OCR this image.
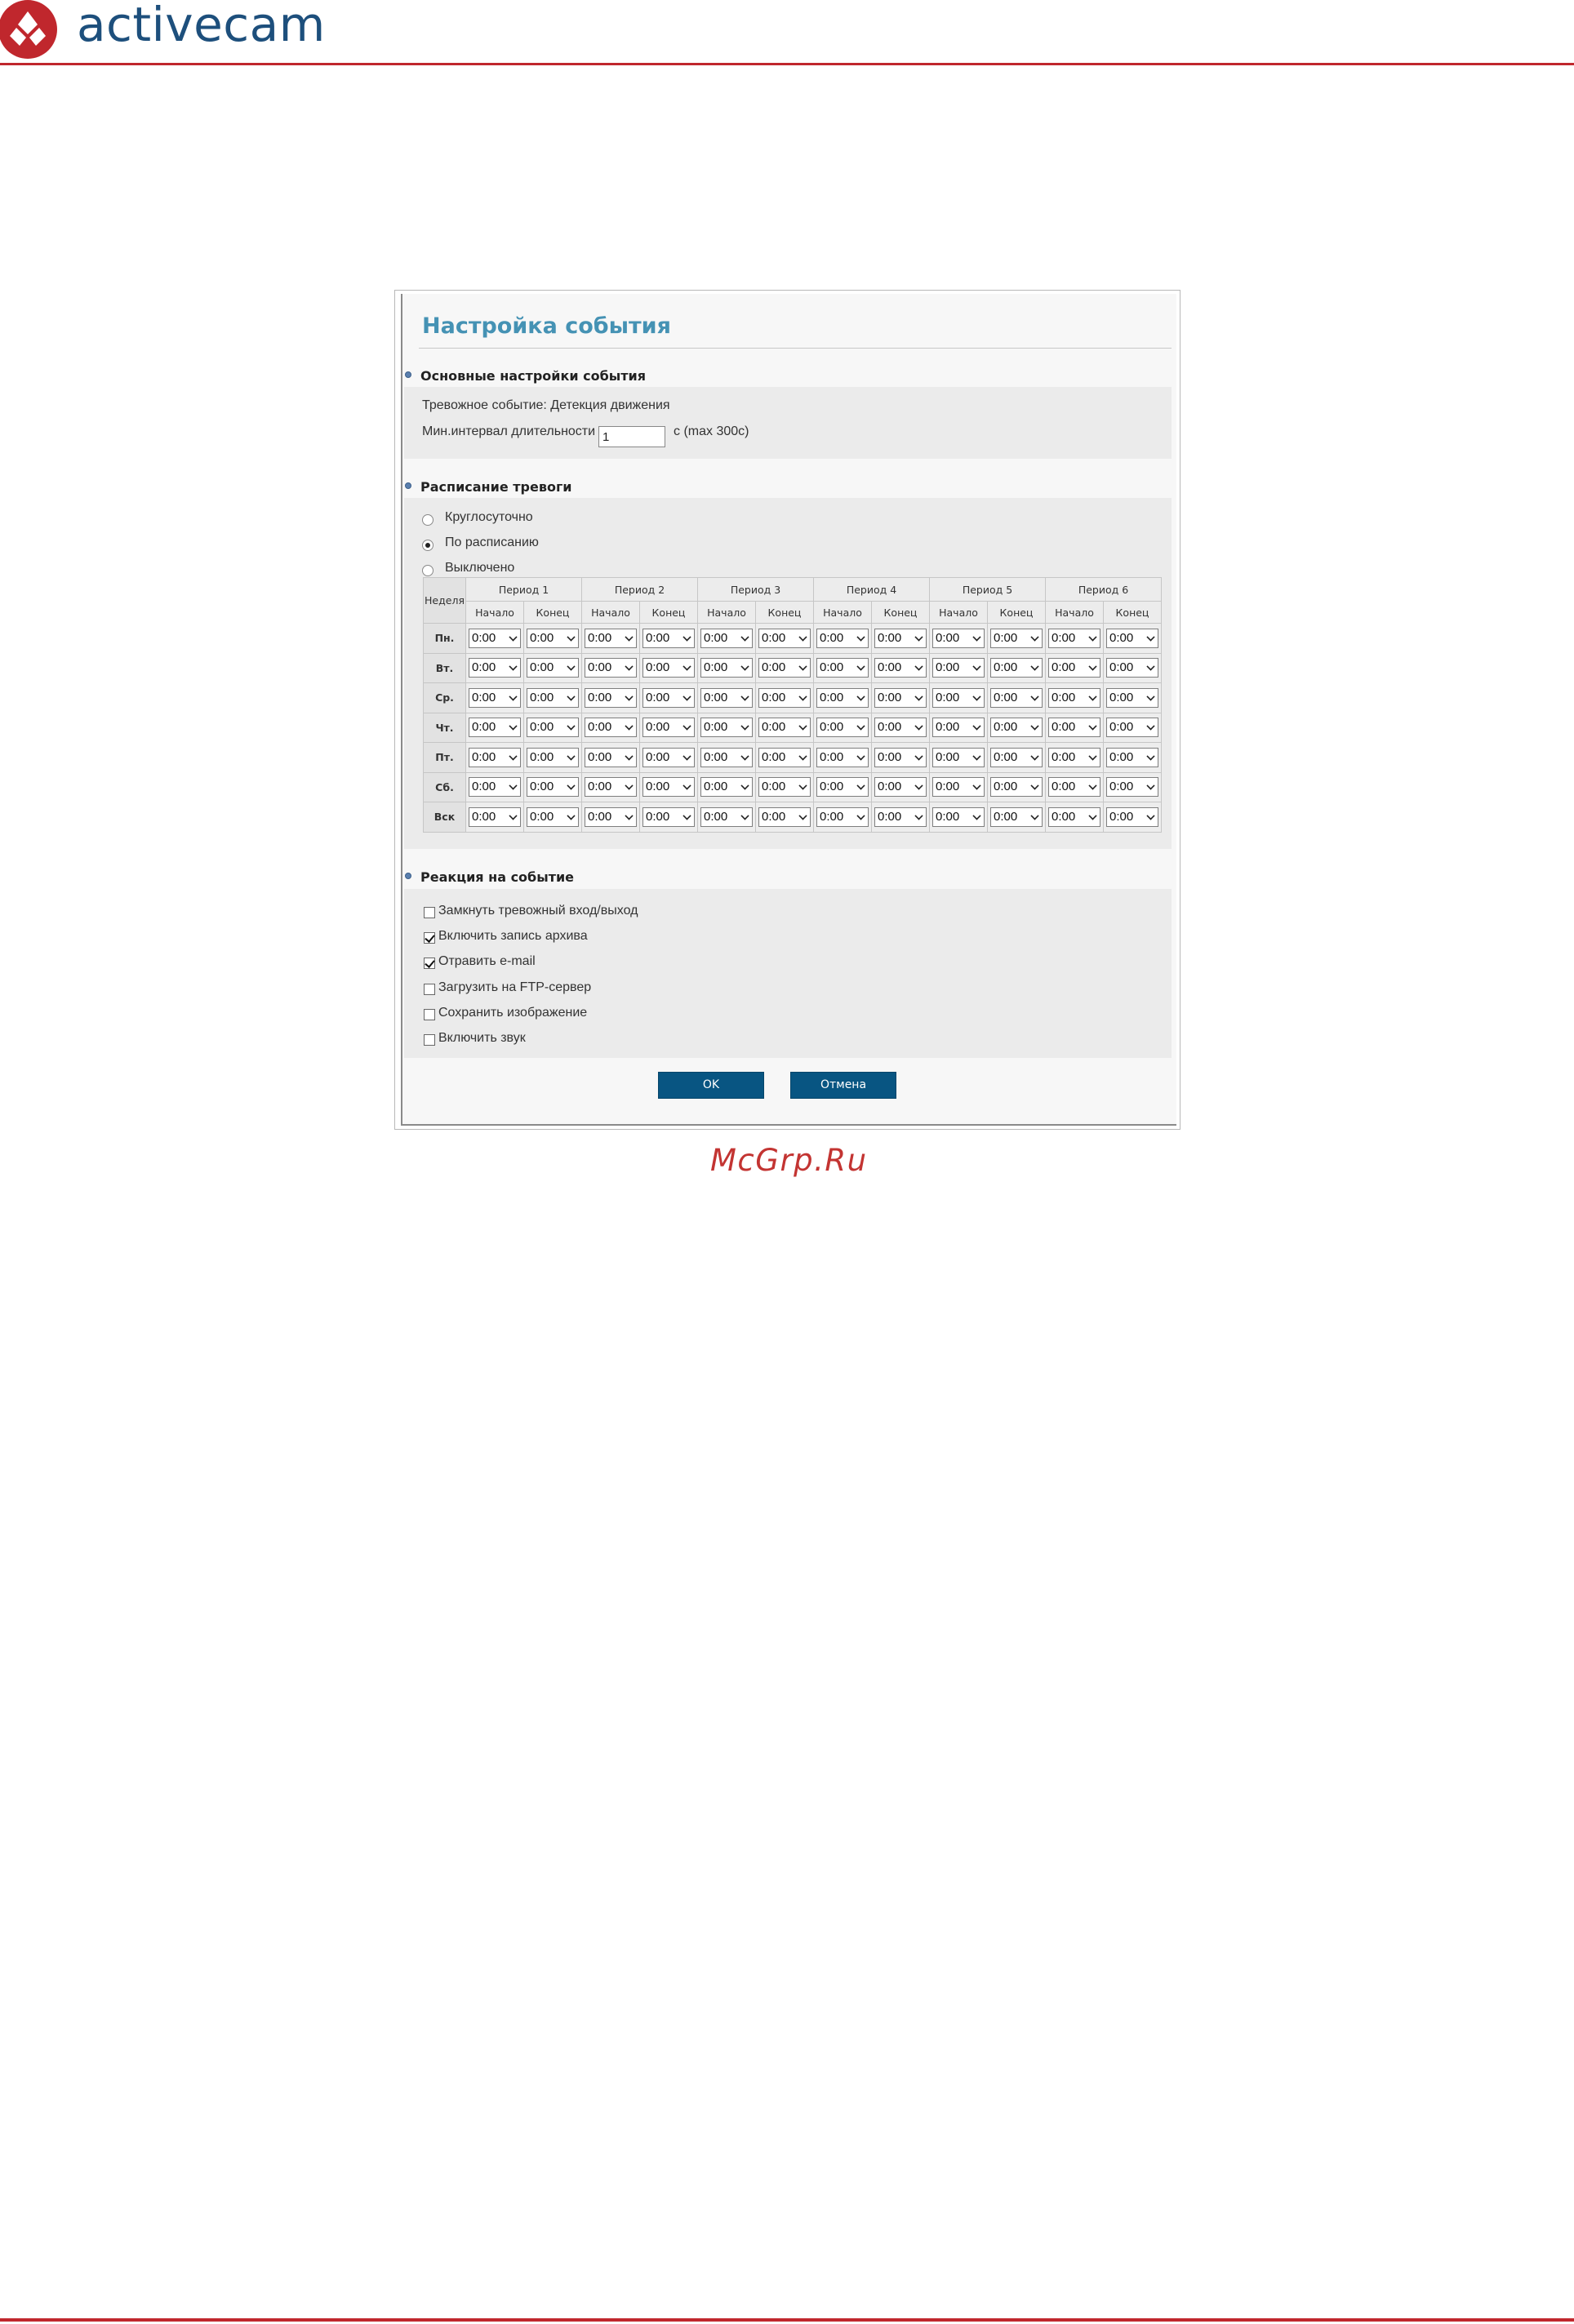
activecam
Настройка события
Основные настройки события
Тревожное событие: Детекция движения
Мин.интервал длительности	с (max 300с)
1
Расписание тревоги
Круглосуточно
По расписанию
Выключено
Неделя	Период 1		Период 2		Период 3		Период 4		Период 5		Период 6	
	Начало	Конец	Начало	Конец	Начало	Конец	Начало	Конец	Начало	Конец	Начало	Конец
Пн.	0:00	0:00	0:00	0:00	0:00	0:00	0:00	0:00	0:00	0:00	0:00	0:00

Вт.	0:00	0:00	0:00	0:00	0:00	0:00	0:00	0:00	0:00	0:00	0:00	0:00

Ср.	0:00	0:00	0:00	0:00	0:00	0:00	0:00	0:00	0:00	0:00	0:00	0:00

Чт.	0:00	0:00	0:00	0:00	0:00	0:00	0:00	0:00	0:00	0:00	0:00	0:00

Пт.	0:00	0:00	0:00	0:00	0:00	0:00	0:00	0:00	0:00	0:00	0:00	0:00

Сб.	0:00	0:00	0:00	0:00	0:00	0:00	0:00	0:00	0:00	0:00	0:00	0:00

Вск	0:00	0:00	0:00	0:00	0:00	0:00	0:00	0:00	0:00	0:00	0:00	0:00
Реакция на событие
Замкнуть тревожный вход/выход
Включить запись архива
Отравить e-mail
Загрузить на FTP-сервер
Сохранить изображение
Включить звук
OK	Отмена
McGrp.Ru
